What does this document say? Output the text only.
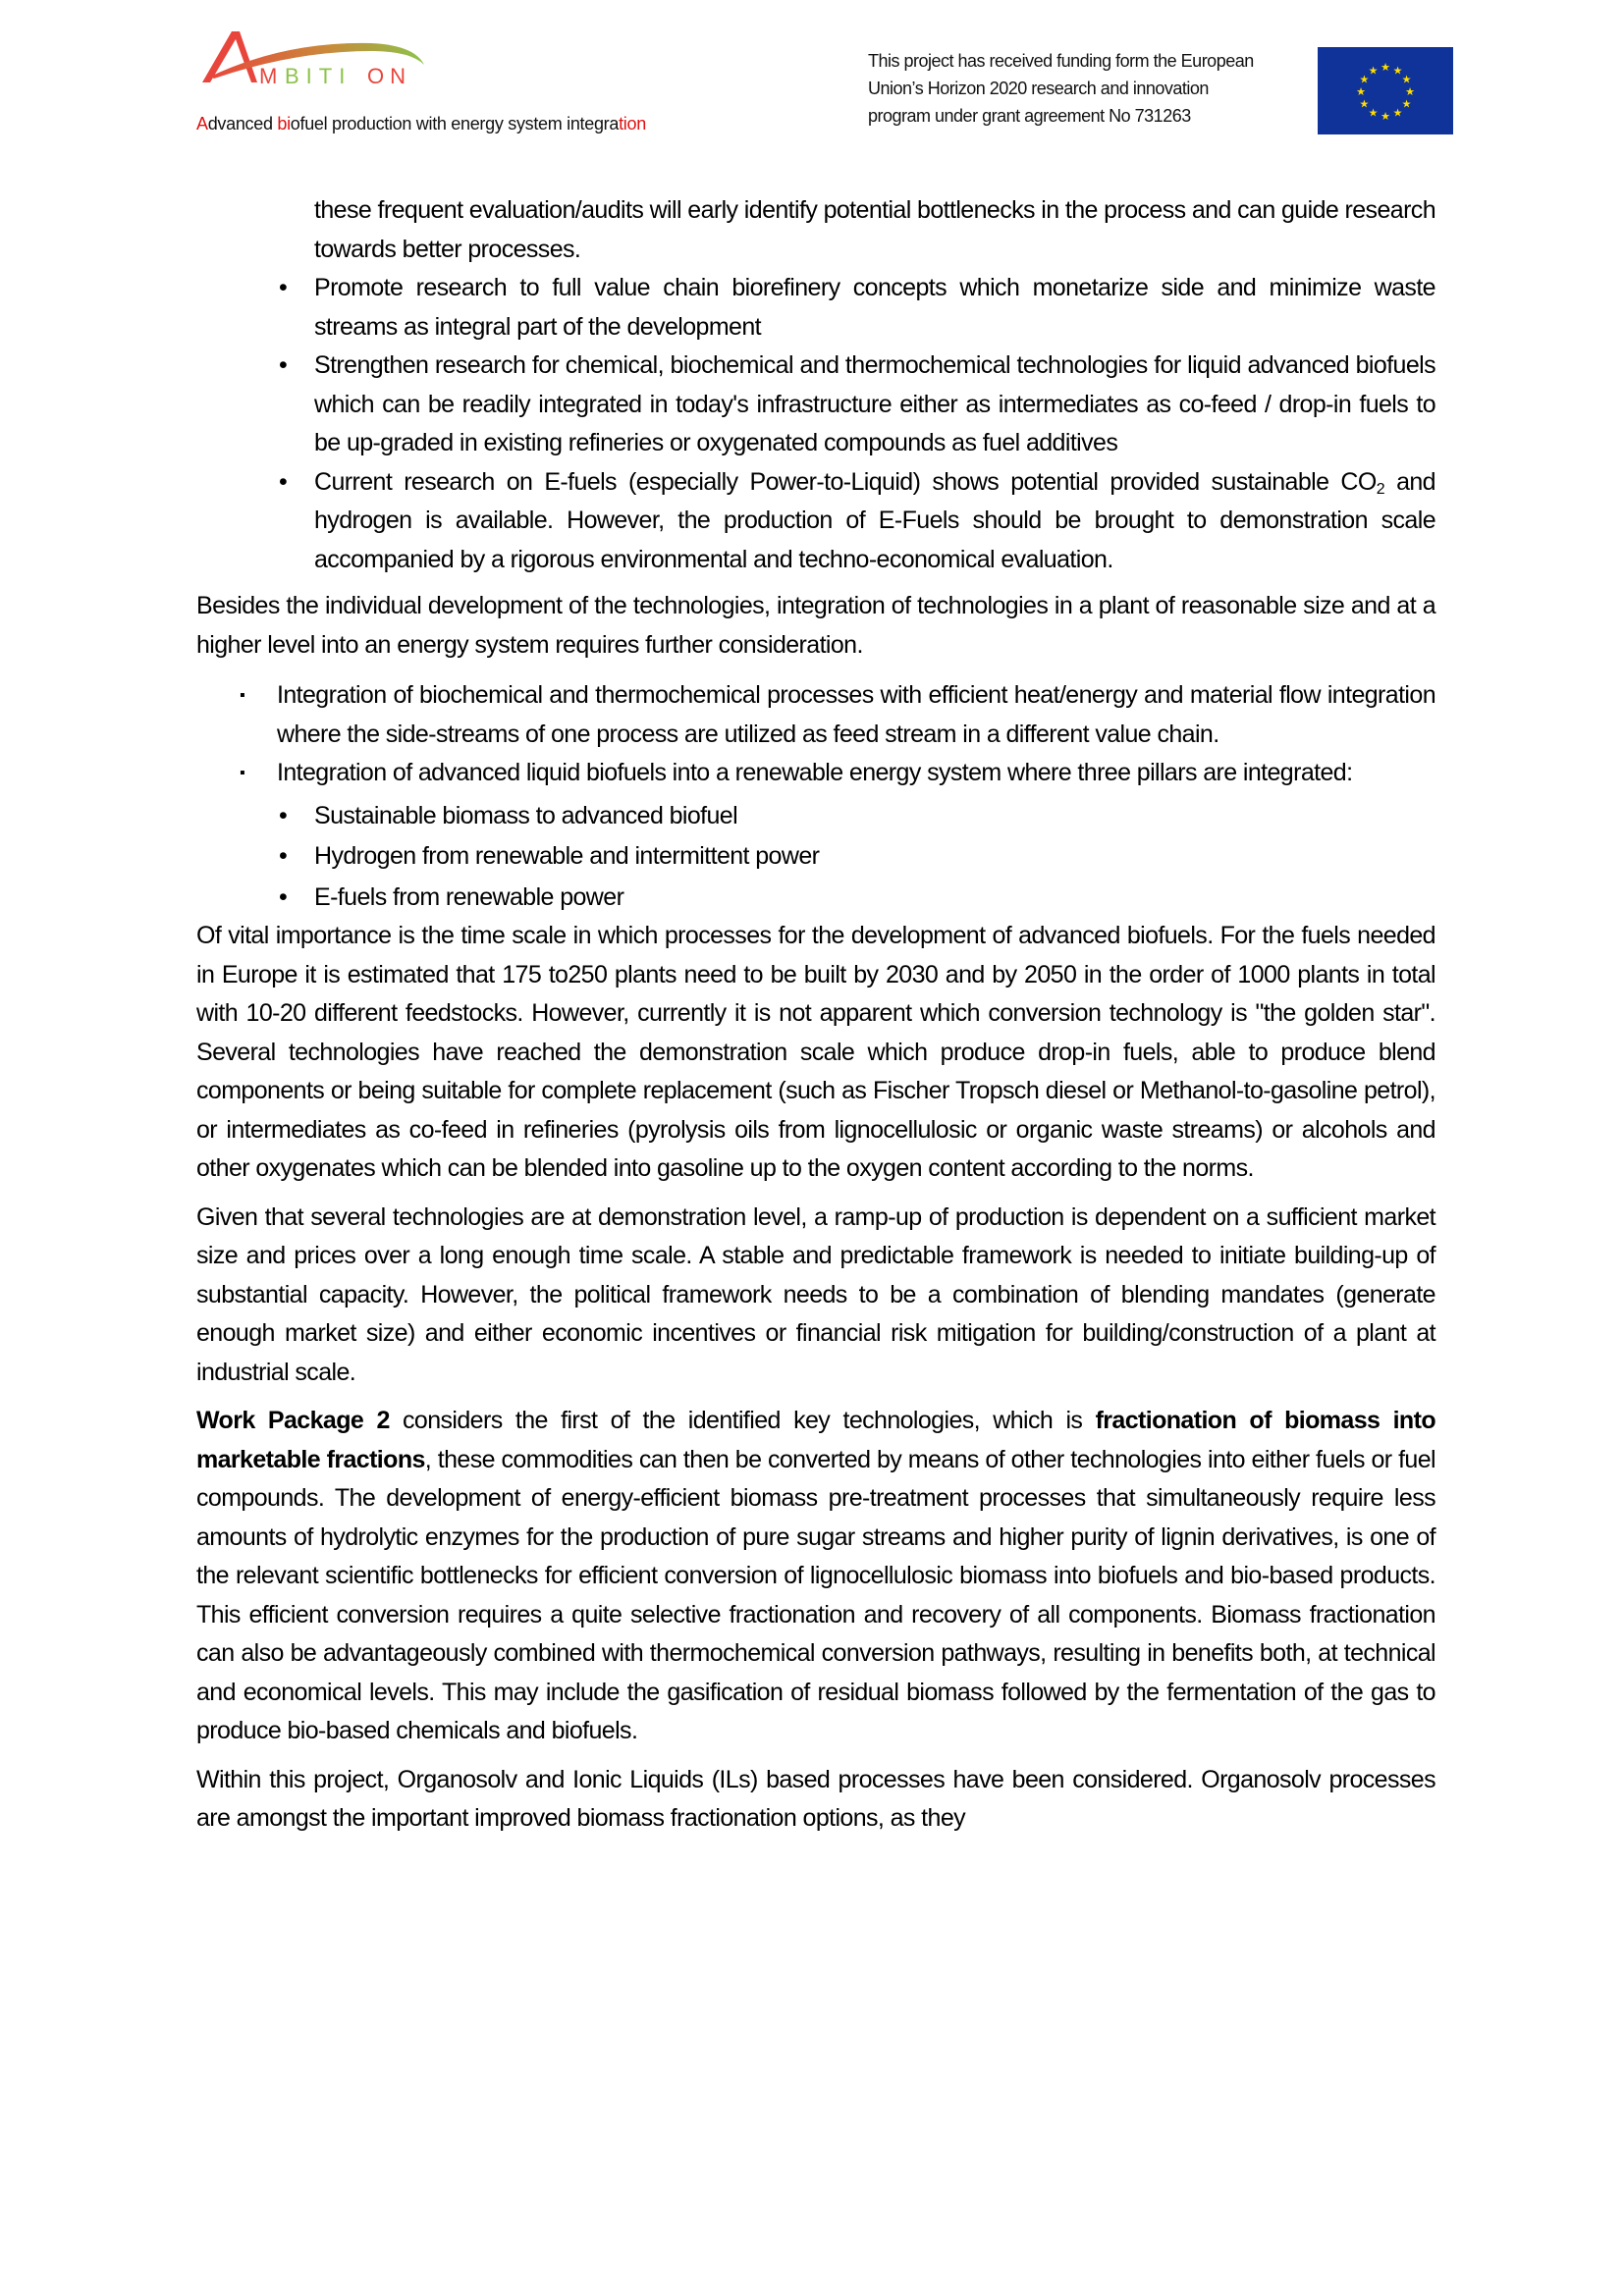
M BITI ON
Advanced biofuel production with energy system integration
This project has received funding form the European
Union’s Horizon 2020 research and innovation
program under grant agreement No 731263
★ ★
★
★
★
★
★
★
★
★
★
★
these frequent evaluation/audits will early identify potential bottlenecks in the process and can guide research towards better processes.
• Promote research to full value chain biorefinery concepts which monetarize side and minimize waste streams as integral part of the development
• Strengthen research for chemical, biochemical and thermochemical technologies for liquid advanced biofuels which can be readily integrated in today's infrastructure either as intermediates as co-feed / drop-in fuels to be up-graded in existing refineries or oxygenated compounds as fuel additives
• Current research on E-fuels (especially Power-to-Liquid) shows potential provided sustainable $CO_2$ and hydrogen is available. However, the production of E-Fuels should be brought to demonstration scale accompanied by a rigorous environmental and techno-economical evaluation.

Besides the individual development of the technologies, integration of technologies in a plant of reasonable size and at a higher level into an energy system requires further consideration.

▪ Integration of biochemical and thermochemical processes with efficient heat/energy and material flow integration where the side-streams of one process are utilized as feed stream in a different value chain.
▪ Integration of advanced liquid biofuels into a renewable energy system where three pillars are integrated:
• Sustainable biomass to advanced biofuel
• Hydrogen from renewable and intermittent power
• E-fuels from renewable power

Of vital importance is the time scale in which processes for the development of advanced biofuels. For the fuels needed in Europe it is estimated that 175 to250 plants need to be built by 2030 and by 2050 in the order of 1000 plants in total with 10-20 different feedstocks. However, currently it is not apparent which conversion technology is "the golden star". Several technologies have reached the demonstration scale which produce drop-in fuels, able to produce blend components or being suitable for complete replacement (such as Fischer Tropsch diesel or Methanol-to-gasoline petrol), or intermediates as co-feed in refineries (pyrolysis oils from lignocellulosic or organic waste streams) or alcohols and other oxygenates which can be blended into gasoline up to the oxygen content according to the norms.

Given that several technologies are at demonstration level, a ramp-up of production is dependent on a sufficient market size and prices over a long enough time scale. A stable and predictable framework is needed to initiate building-up of substantial capacity. However, the political framework needs to be a combination of blending mandates (generate enough market size) and either economic incentives or financial risk mitigation for building/construction of a plant at industrial scale.

Work Package 2 considers the first of the identified key technologies, which is fractionation of biomass into marketable fractions, these commodities can then be converted by means of other technologies into either fuels or fuel compounds. The development of energy-efficient biomass pre-treatment processes that simultaneously require less amounts of hydrolytic enzymes for the production of pure sugar streams and higher purity of lignin derivatives, is one of the relevant scientific bottlenecks for efficient conversion of lignocellulosic biomass into biofuels and bio-based products. This efficient conversion requires a quite selective fractionation and recovery of all components. Biomass fractionation can also be advantageously combined with thermochemical conversion pathways, resulting in benefits both, at technical and economical levels. This may include the gasification of residual biomass followed by the fermentation of the gas to produce bio-based chemicals and biofuels.

Within this project, Organosolv and Ionic Liquids (ILs) based processes have been considered. Organosolv processes are amongst the important improved biomass fractionation options, as they
